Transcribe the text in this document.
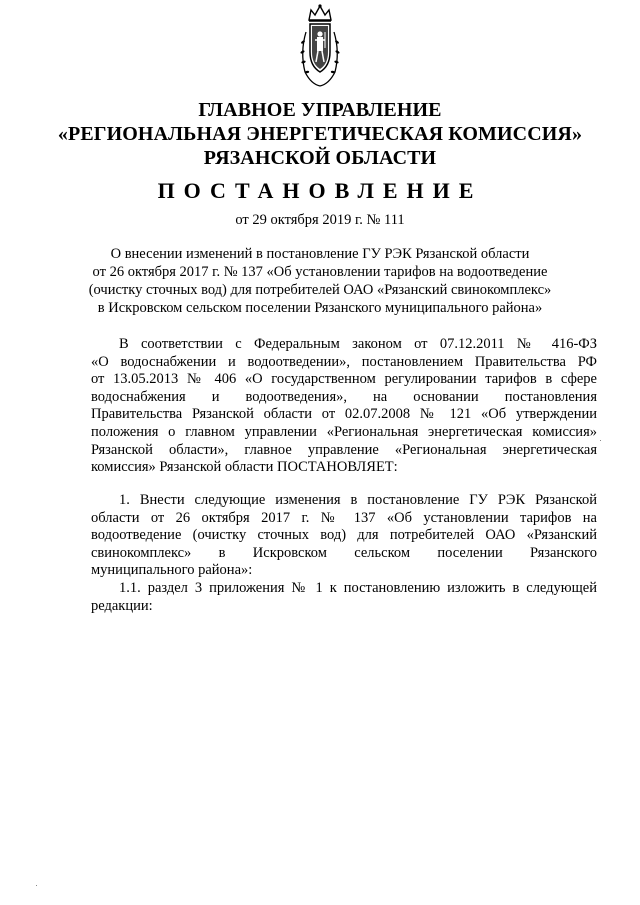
ГЛАВНОЕ УПРАВЛЕНИЕ
«РЕГИОНАЛЬНАЯ ЭНЕРГЕТИЧЕСКАЯ КОМИССИЯ»
РЯЗАНСКОЙ ОБЛАСТИ
ПОСТАНОВЛЕНИЕ
от 29 октября 2019 г. № 111
О внесении изменений в постановление ГУ РЭК Рязанской области
от 26 октября 2017 г. № 137 «Об установлении тарифов на водоотведение
(очистку сточных вод) для потребителей ОАО «Рязанский свинокомплекс»
в Искровском сельском поселении Рязанского муниципального района»
В соответствии с Федеральным законом от 07.12.2011 № 416-ФЗ
«О водоснабжении и водоотведении», постановлением Правительства РФ
от 13.05.2013 № 406 «О государственном регулировании тарифов в сфере
водоснабжения и водоотведения», на основании постановления
Правительства Рязанской области от 02.07.2008 № 121 «Об утверждении
положения о главном управлении «Региональная энергетическая комиссия»
Рязанской области», главное управление «Региональная энергетическая
комиссия» Рязанской области ПОСТАНОВЛЯЕТ:
1. Внести следующие изменения в постановление ГУ РЭК Рязанской
области от 26 октября 2017 г. № 137 «Об установлении тарифов на
водоотведение (очистку сточных вод) для потребителей ОАО «Рязанский
свинокомплекс» в Искровском сельском поселении Рязанского
муниципального района»:
1.1. раздел 3 приложения № 1 к постановлению изложить в следующей
редакции:
